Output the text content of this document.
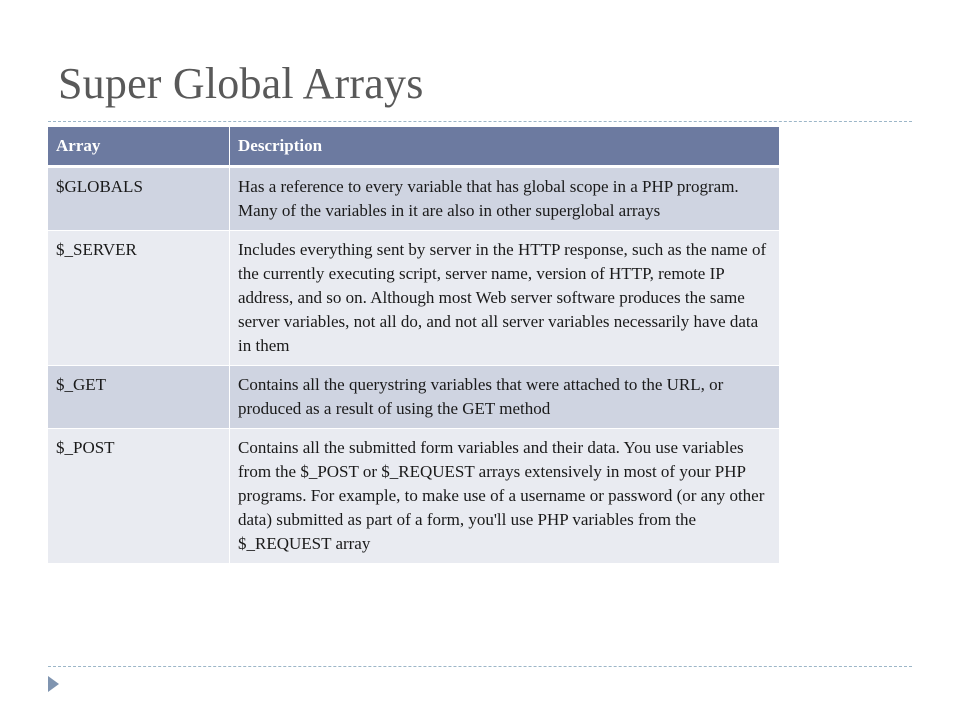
Super Global Arrays
Array	Description
$GLOBALS	Has a reference to every variable that has global scope in a PHP program. Many of the variables in it are also in other superglobal arrays
$_SERVER	Includes everything sent by server in the HTTP response, such as the name of the currently executing script, server name, version of HTTP, remote IP address, and so on. Although most Web server software produces the same server variables, not all do, and not all server variables necessarily have data in them
$_GET	Contains all the querystring variables that were attached to the URL, or produced as a result of using the GET method
$_POST	Contains all the submitted form variables and their data. You use variables from the $_POST or $_REQUEST arrays extensively in most of your PHP programs. For example, to make use of a username or password (or any other data) submitted as part of a form, you'll use PHP variables from the $_REQUEST array
